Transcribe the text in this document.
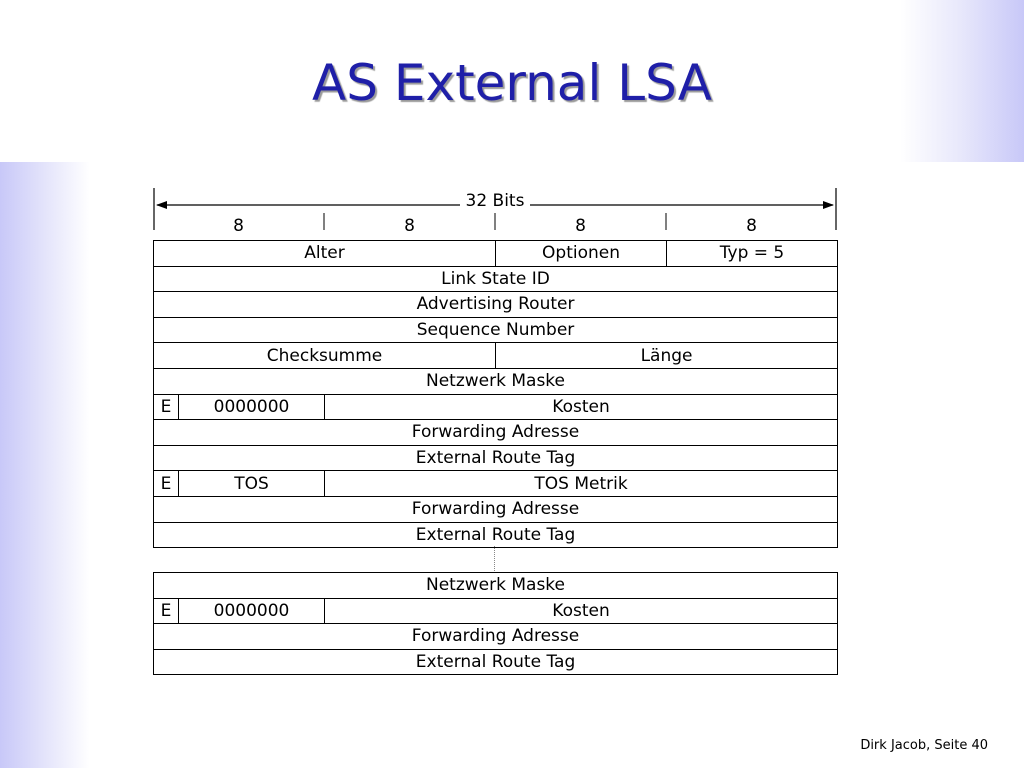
AS External LSA
32 Bits
8	8	8	8
Alter			Optionen	Typ = 5
Link State ID				
Advertising Router				
Sequence Number				
Checksumme			Länge	
Netzwerk Maske				
E	0000000	Kosten		
Forwarding Adresse				
External Route Tag				
E	TOS	TOS Metrik		
Forwarding Adresse				
External Route Tag				
Netzwerk Maske
E	0000000	Kosten
Forwarding Adresse
External Route Tag
Dirk Jacob, Seite 40
